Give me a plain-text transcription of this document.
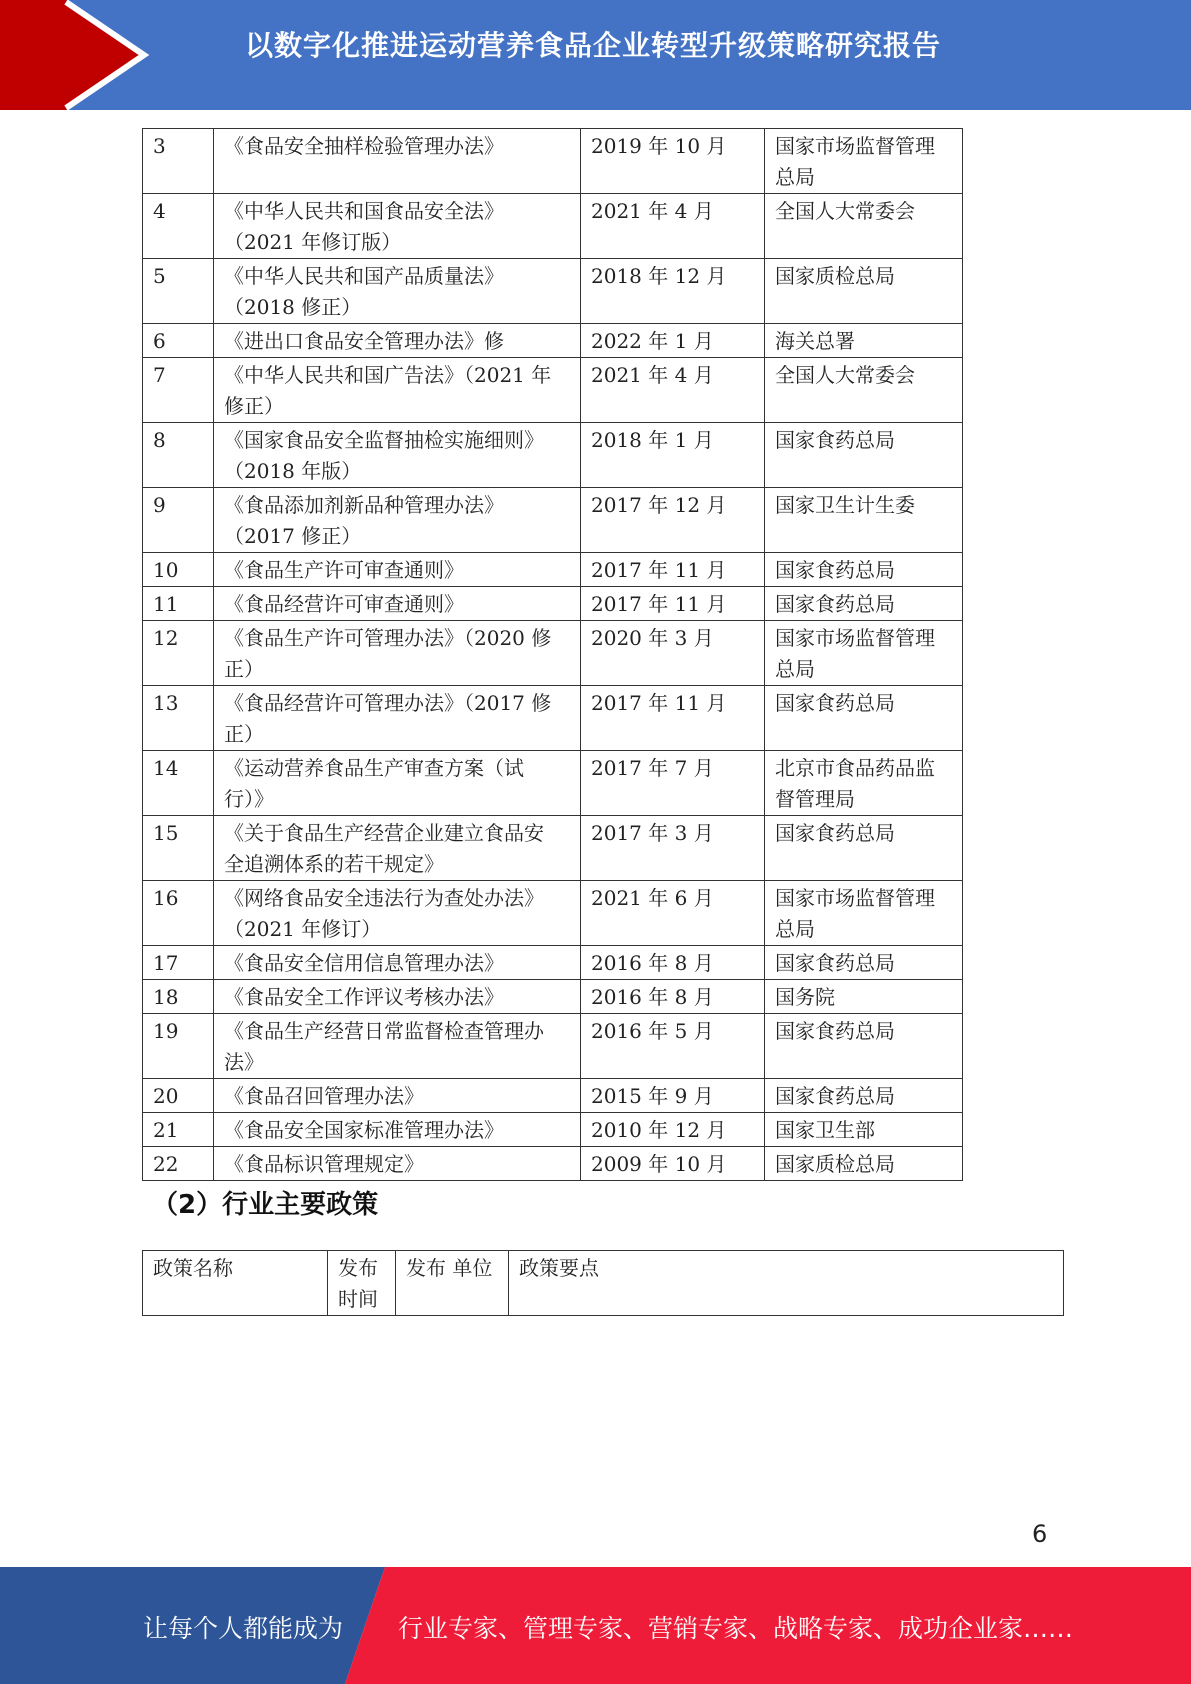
以数字化推进运动营养食品企业转型升级策略研究报告
3	《食品安全抽样检验管理办法》	2019 年 10 月	国家市场监督管理总局
4	《中华人民共和国食品安全法》（2021 年修订版）	2021 年 4 月	全国人大常委会
5	《中华人民共和国产品质量法》（2018 修正）	2018 年 12 月	国家质检总局
6	《进出口食品安全管理办法》修	2022 年 1 月	海关总署
7	《中华人民共和国广告法》（2021 年修正）	2021 年 4 月	全国人大常委会
8	《国家食品安全监督抽检实施细则》 （2018 年版）	2018 年 1 月	国家食药总局
9	《食品添加剂新品种管理办法》（2017 修正）	2017 年 12 月	国家卫生计生委
10	《食品生产许可审查通则》	2017 年 11 月	国家食药总局
11	《食品经营许可审查通则》	2017 年 11 月	国家食药总局
12	《食品生产许可管理办法》（2020 修正）	2020 年 3 月	国家市场监督管理总局
13	《食品经营许可管理办法》（2017 修正）	2017 年 11 月	国家食药总局
14	《运动营养食品生产审查方案（试行）》	2017 年 7 月	北京市食品药品监督管理局
15	《关于食品生产经营企业建立食品安全追溯体系的若干规定》	2017 年 3 月	国家食药总局
16	《网络食品安全违法行为查处办法》 （2021 年修订）	2021 年 6 月	国家市场监督管理总局
17	《食品安全信用信息管理办法》	2016 年 8 月	国家食药总局
18	《食品安全工作评议考核办法》	2016 年 8 月	国务院
19	《食品生产经营日常监督检查管理办法》	2016 年 5 月	国家食药总局
20	《食品召回管理办法》	2015 年 9 月	国家食药总局
21	《食品安全国家标准管理办法》	2010 年 12 月	国家卫生部
22	《食品标识管理规定》	2009 年 10 月	国家质检总局
（2）行业主要政策
政策名称	发布时间	发布 单位	政策要点
6
让每个人都能成为 行业专家、管理专家、营销专家、战略专家、成功企业家……
